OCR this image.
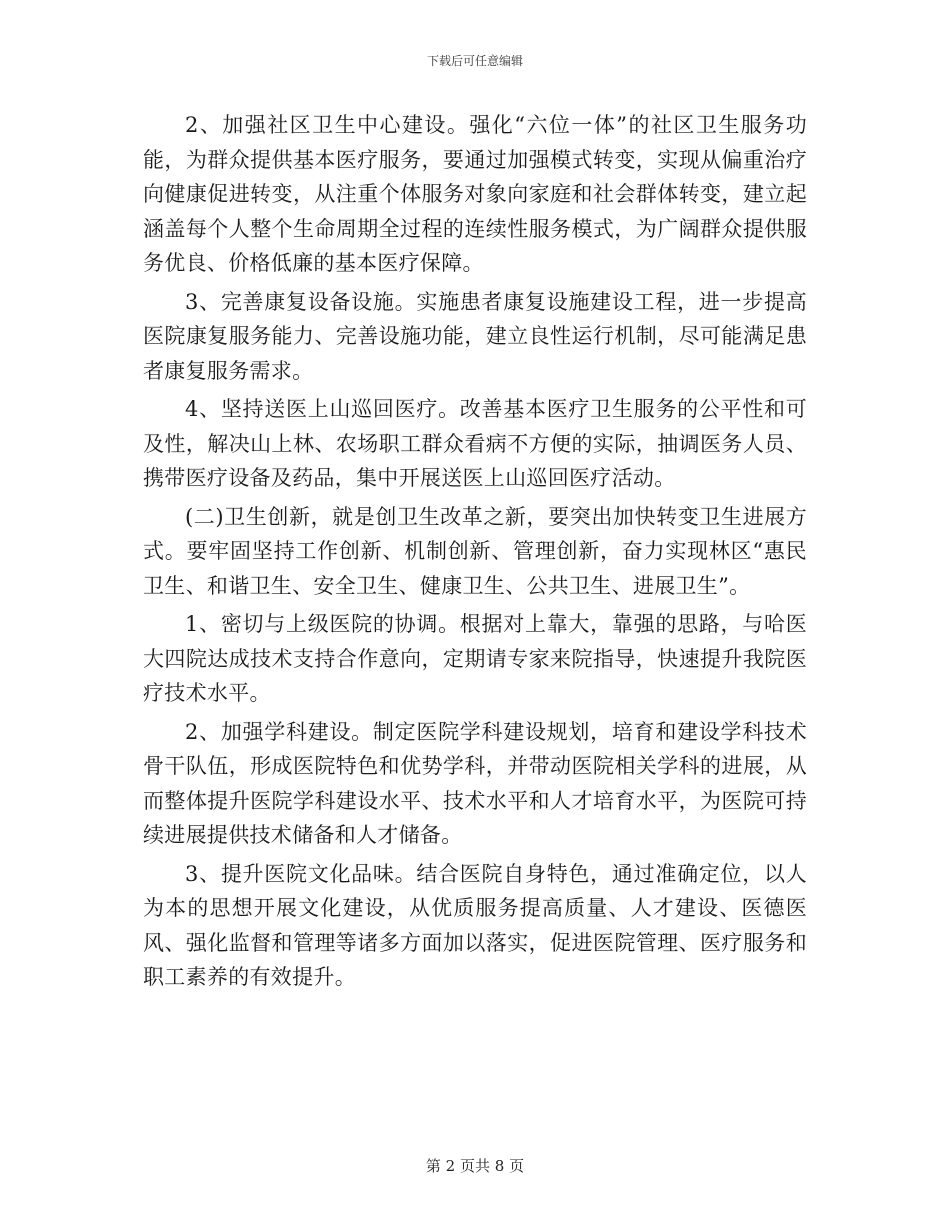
下载后可任意编辑

2、加强社区卫生中心建设。强化“六位一体”的社区卫生服务功能，为群众提供基本医疗服务，要通过加强模式转变，实现从偏重治疗向健康促进转变，从注重个体服务对象向家庭和社会群体转变，建立起涵盖每个人整个生命周期全过程的连续性服务模式，为广阔群众提供服务优良、价格低廉的基本医疗保障。

3、完善康复设备设施。实施患者康复设施建设工程，进一步提高医院康复服务能力、完善设施功能，建立良性运行机制，尽可能满足患者康复服务需求。

4、坚持送医上山巡回医疗。改善基本医疗卫生服务的公平性和可及性，解决山上林、农场职工群众看病不方便的实际，抽调医务人员、携带医疗设备及药品，集中开展送医上山巡回医疗活动。

(二)卫生创新，就是创卫生改革之新，要突出加快转变卫生进展方式。要牢固坚持工作创新、机制创新、管理创新，奋力实现林区“惠民卫生、和谐卫生、安全卫生、健康卫生、公共卫生、进展卫生”。

1、密切与上级医院的协调。根据对上靠大，靠强的思路，与哈医大四院达成技术支持合作意向，定期请专家来院指导，快速提升我院医疗技术水平。

2、加强学科建设。制定医院学科建设规划，培育和建设学科技术骨干队伍，形成医院特色和优势学科，并带动医院相关学科的进展，从而整体提升医院学科建设水平、技术水平和人才培育水平，为医院可持续进展提供技术储备和人才储备。

3、提升医院文化品味。结合医院自身特色，通过准确定位，以人为本的思想开展文化建设，从优质服务提高质量、人才建设、医德医风、强化监督和管理等诸多方面加以落实，促进医院管理、医疗服务和职工素养的有效提升。

第 2 页共 8 页
